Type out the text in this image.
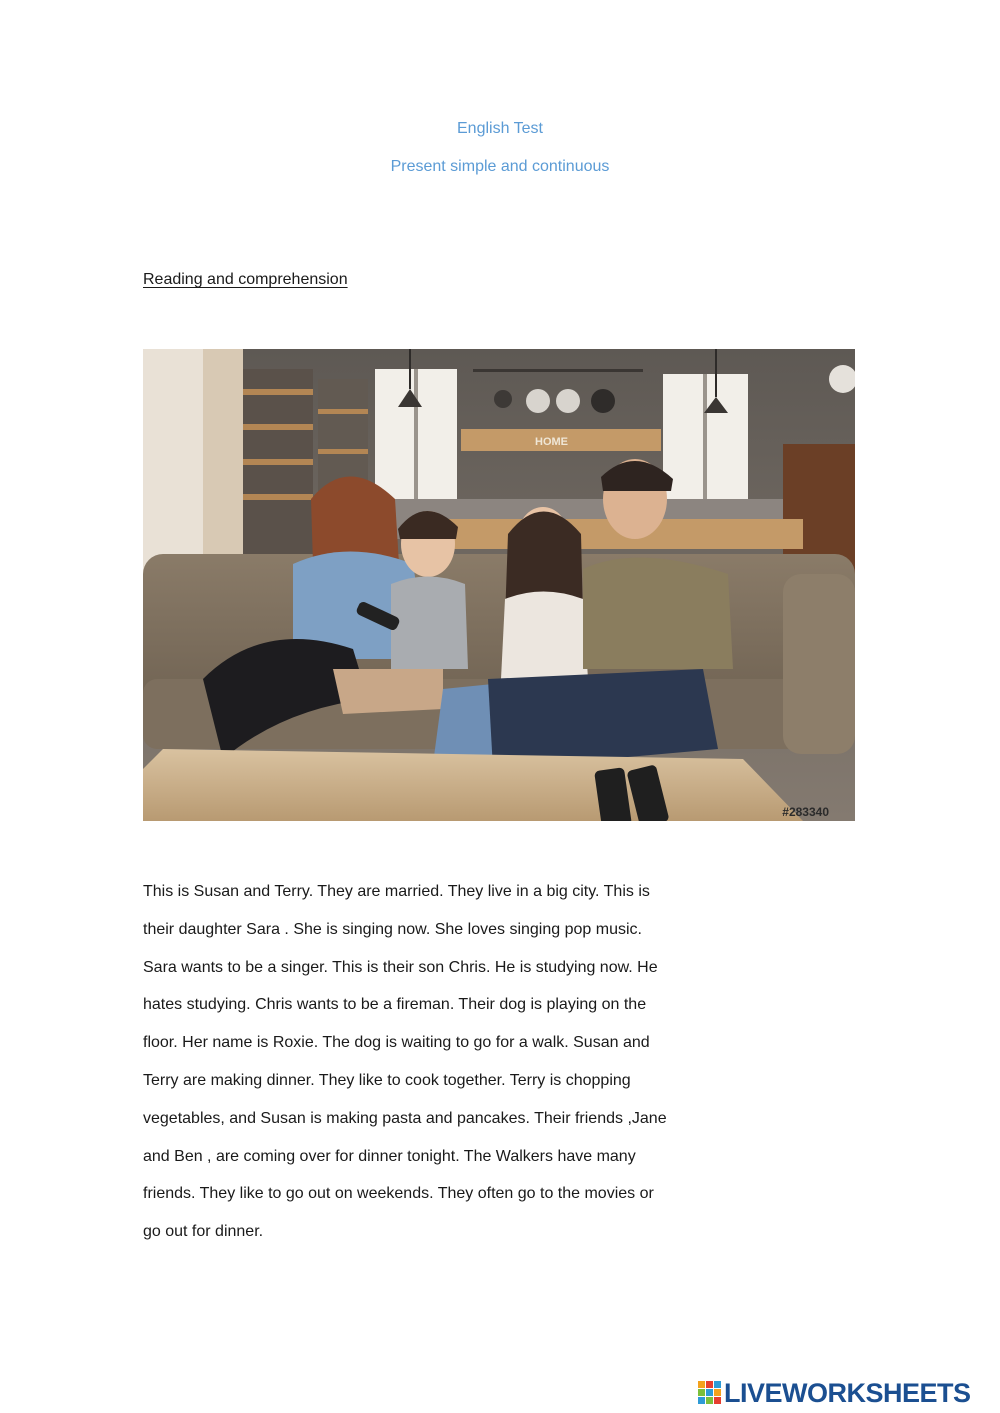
English Test
Present simple and continuous
Reading and comprehension
HOME
#283340
This is Susan and Terry. They are married. They live in a big city. This is
their daughter Sara . She is singing now. She loves singing pop music.
Sara wants to be a singer. This is their son Chris. He is studying now. He
hates studying. Chris wants to be a fireman. Their dog is playing on the
floor. Her name is Roxie. The dog is waiting to go for a walk. Susan and
Terry are making dinner. They like to cook together. Terry is chopping
vegetables, and Susan is making pasta and pancakes. Their friends ,Jane
and Ben , are coming over for dinner tonight. The Walkers have many
friends. They like to go out on weekends. They often go to the movies or
go out for dinner.
LIVEWORKSHEETS
